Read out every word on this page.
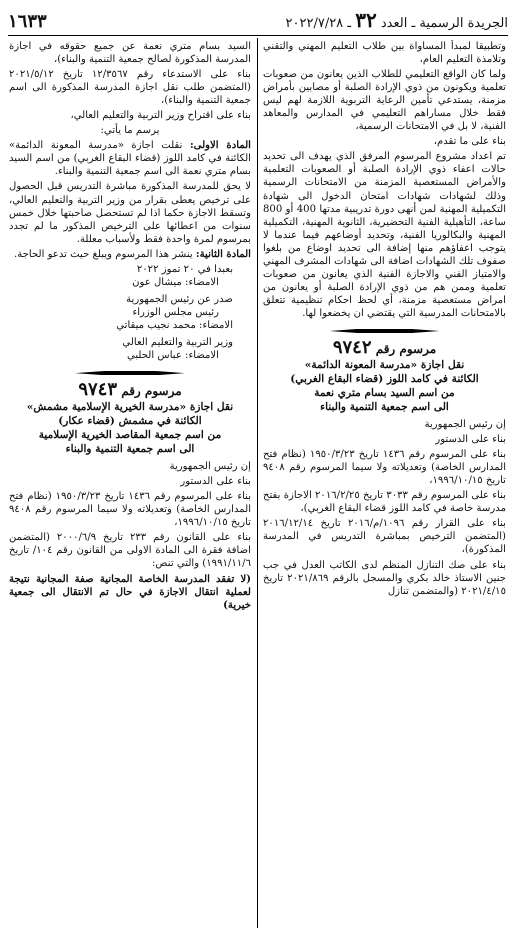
الجريدة الرسمية ـ العدد ٣٢ ـ ٢٠٢٢/٧/٢٨
١٦٣٣

وتطبيقا لمبدأ المساواة بين طلاب التعليم المهني والتقني وتلامذة التعليم العام،

ولما كان الواقع التعليمي للطلاب الذين يعانون من صعوبات تعلمية ويكونون من ذوي الإرادة الصلبة أو مصابين بأمراض مزمنة، يستدعي تأمين الرعاية التربوية اللازمة لهم ليس فقط خلال مساراهم التعليمي في المدارس والمعاهد الفنية، لا بل في الامتحانات الرسمية،

بناء على ما تقدم،

تم اعداد مشروع المرسوم المرفق الذي يهدف الى تحديد حالات اعفاء ذوي الإرادة الصلبة أو الصعوبات التعلمية والأمراض المستعصية المزمنة من الامتحانات الرسمية وذلك لشهادات شهادات امتحان الدخول الى شهادة التكميلية المهنية لمن أنهى دورة تدريبية مدتها 400 أو 800 ساعة، التأهيلية الفنية التحضيرية، الثانوية المهنية، التكميلية المهنية والبكالوريا الفنية، وتحديد أوضاعهم فيما عندما لا يتوجب اعفاؤهم منها إضافة الى تحديد اوضاع من بلغوا صفوف تلك الشهادات اضافة الى شهادات المشرف المهني والامتياز الفني والاجازة الفنية الذي يعانون من صعوبات تعلمية وممن هم من ذوي الإرادة الصلبة أو يعانون من امراض مستعصية مزمنة، أي لحظ احكام تنظيمية تتعلق بالامتحانات المدرسية التي يقتضي ان يخضعوا لها.

مرسوم رقم ٩٧٤٢
نقل اجازة «مدرسة المعونة الدائمة»
الكائنة في كامد اللوز (قضاء البقاع الغربي)
من اسم السيد بسام متري نعمة
الى اسم جمعية التنمية والبناء

إن رئيس الجمهورية

بناء على الدستور

بناء على المرسوم رقم ١٤٣٦ تاريخ ١٩٥٠/٣/٢٣ (نظام فتح المدارس الخاصة) وتعديلاته ولا سيما المرسوم رقم ٩٤٠٨ تاريخ ١٩٩٦/١٠/١٥،

بناء على المرسوم رقم ٣٠٣٣ تاريخ ٢٠١٦/٢/٢٥ الاجازة بفتح مدرسة خاصة في كامد اللوز قضاء البقاع الغربي)،

بناء على القرار رقم ١٠٩٦/م/٢٠١٦ تاريخ ٢٠١٦/١٢/١٤ (المتضمن الترخيص بمباشرة التدريس في المدرسة المذكورة)،

بناء على صك التنازل المنظم لدى الكاتب العدل في جب جنين الاستاذ خالد بكري والمسجل بالرقم ٢٠٢١/٨٦٩ تاريخ ٢٠٢١/٤/١٥ (والمتضمن تنازل

السيد بسام متري نعمة عن جميع حقوقه في اجازة المدرسة المذكورة لصالح جمعية التنمية والبناء)،

بناء على الاستدعاء رقم ١٢/٣٥٦٧ تاريخ ٢٠٢١/٥/١٢ (المتضمن طلب نقل اجازة المدرسة المذكورة الى اسم جمعية التنمية والبناء)،

بناء على اقتراح وزير التربية والتعليم العالي،

يرسم ما يأتي:

المادة الاولى: نقلت اجازة «مدرسة المعونة الدائمة» الكائنة في كامد اللوز (قضاء البقاع الغربي) من اسم السيد بسام متري نعمة الى اسم جمعية التنمية والبناء.

لا يحق للمدرسة المذكورة مباشرة التدريس قبل الحصول على ترخيص يعطى بقرار من وزير التربية والتعليم العالي، وتسقط الاجازة حكما اذا لم تستحصل صاحبتها خلال خمس سنوات من اعطائها على الترخيص المذكور ما لم تجدد بمرسوم لمرة واحدة فقط ولأسباب معللة.

المادة الثانية: ينشر هذا المرسوم ويبلغ حيث تدعو الحاجة.

بعبدا في ٢٠ تموز ٢٠٢٢
الامضاء: ميشال عون
صدر عن رئيس الجمهورية
رئيس مجلس الوزراء
الامضاء: محمد نجيب ميقاتي
وزير التربية والتعليم العالي
الامضاء: عباس الحلبي
مرسوم رقم ٩٧٤٣
نقل اجازة «مدرسة الخيرية الإسلامية مشمش»
الكائنة في مشمش (قضاء عكار)
من اسم جمعية المقاصد الخيرية الإسلامية
الى اسم جمعية التنمية والبناء

إن رئيس الجمهورية

بناء على الدستور

بناء على المرسوم رقم ١٤٣٦ تاريخ ١٩٥٠/٣/٢٣ (نظام فتح المدارس الخاصة) وتعديلاته ولا سيما المرسوم رقم ٩٤٠٨ تاريخ ١٩٩٦/١٠/١٥،

بناء على القانون رقم ٢٣٣ تاريخ ٢٠٠٠/٦/٩ (المتضمن اضافة فقرة الى المادة الاولى من القانون رقم ١٠٤/ تاريخ ١٩٩١/١١/٦) والتي تنص:

(لا تفقد المدرسة الخاصة المجانية صفة المجانية نتيجة لعملية انتقال الاجازة في حال تم الانتقال الى جمعية خيرية)
